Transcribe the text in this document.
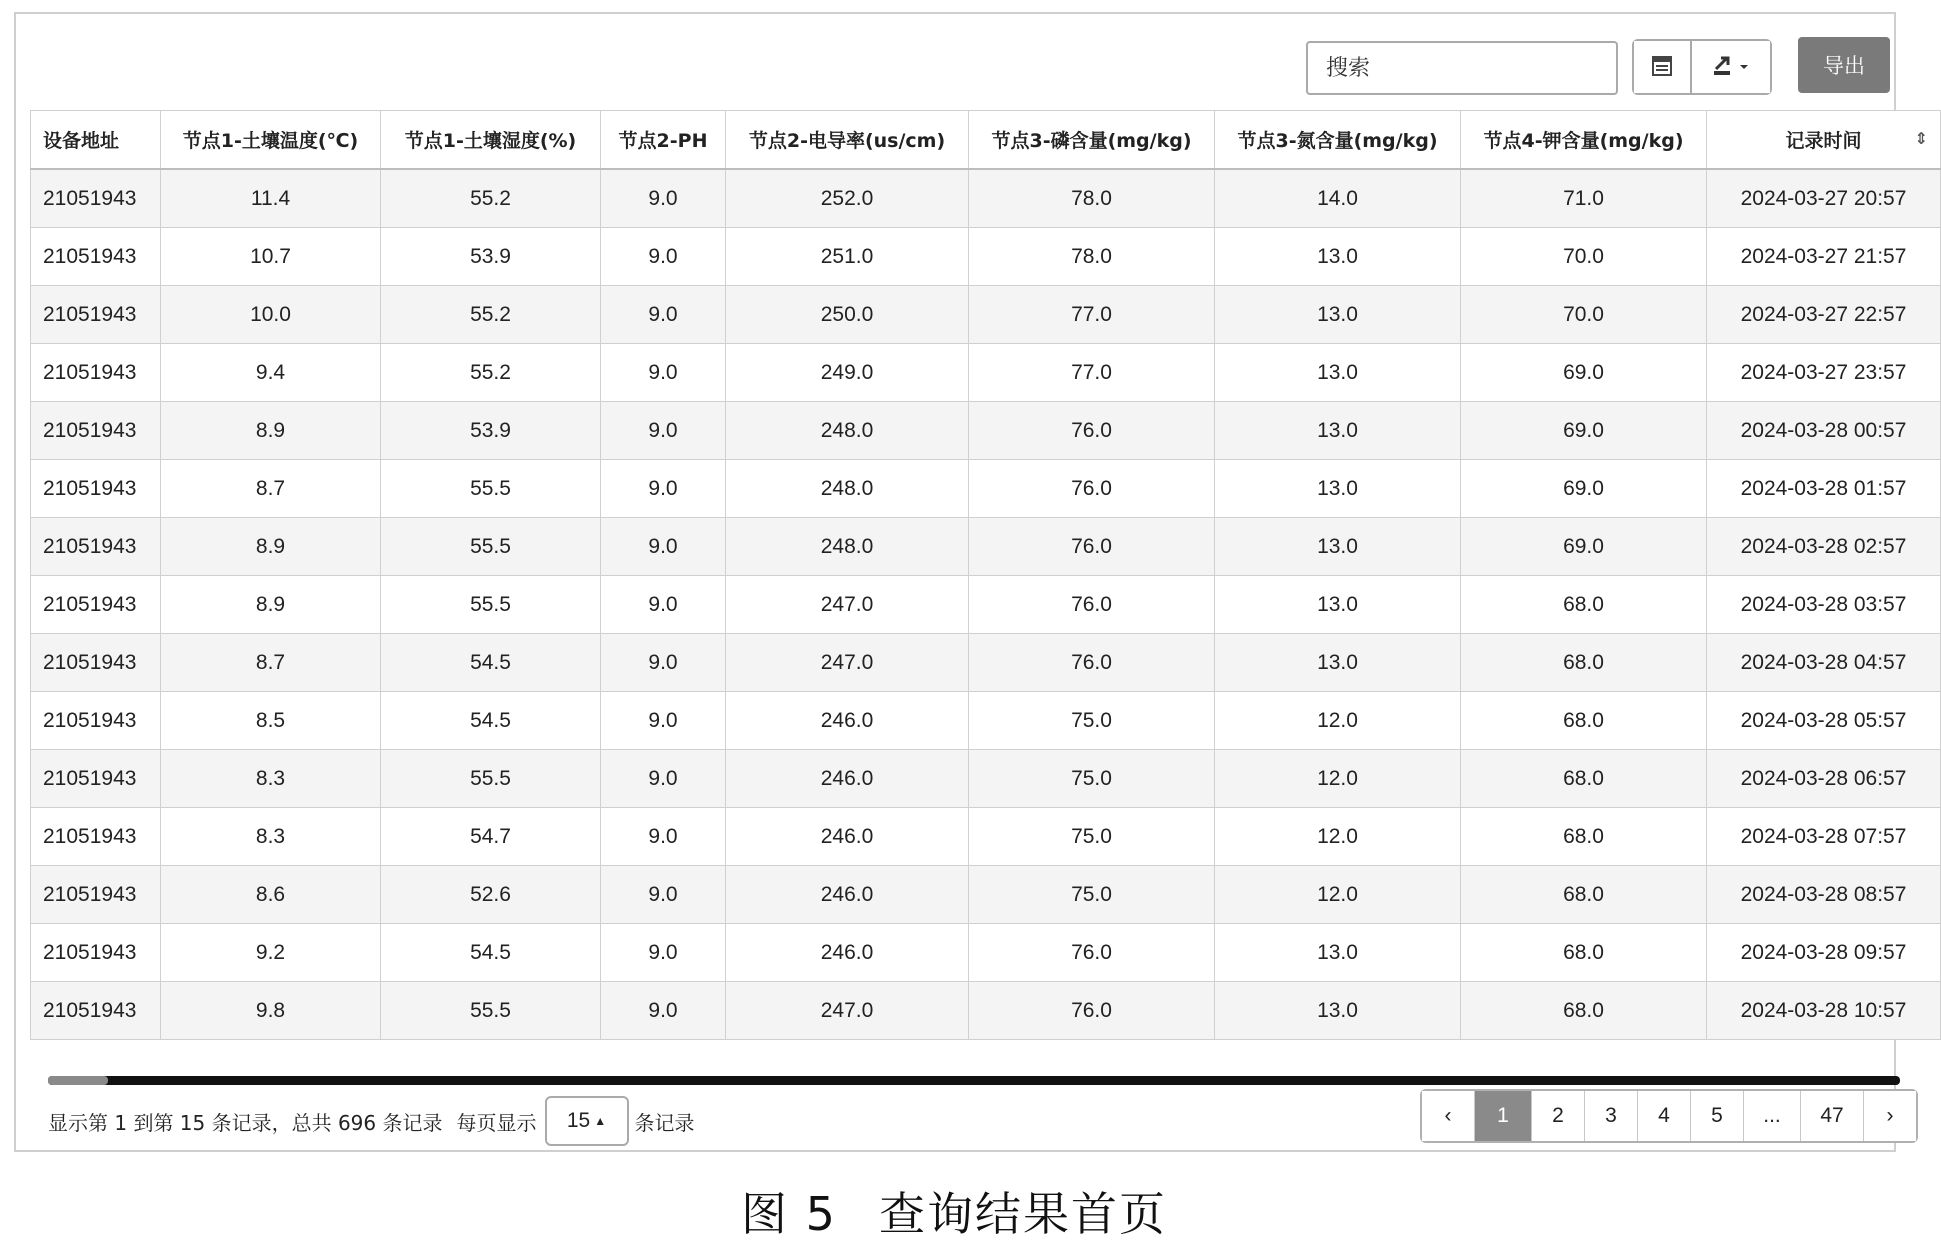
搜索
导出
设备地址	节点1-土壤温度(℃)	节点1-土壤湿度(%)	节点2-PH	节点2-电导率(us/cm)	节点3-磷含量(mg/kg)	节点3-氮含量(mg/kg)	节点4-钾含量(mg/kg)	记录时间 ⇕

21051943	11.4	55.2	9.0	252.0	78.0	14.0	71.0	2024-03-27 20:57
21051943	10.7	53.9	9.0	251.0	78.0	13.0	70.0	2024-03-27 21:57
21051943	10.0	55.2	9.0	250.0	77.0	13.0	70.0	2024-03-27 22:57
21051943	9.4	55.2	9.0	249.0	77.0	13.0	69.0	2024-03-27 23:57
21051943	8.9	53.9	9.0	248.0	76.0	13.0	69.0	2024-03-28 00:57
21051943	8.7	55.5	9.0	248.0	76.0	13.0	69.0	2024-03-28 01:57
21051943	8.9	55.5	9.0	248.0	76.0	13.0	69.0	2024-03-28 02:57
21051943	8.9	55.5	9.0	247.0	76.0	13.0	68.0	2024-03-28 03:57
21051943	8.7	54.5	9.0	247.0	76.0	13.0	68.0	2024-03-28 04:57
21051943	8.5	54.5	9.0	246.0	75.0	12.0	68.0	2024-03-28 05:57
21051943	8.3	55.5	9.0	246.0	75.0	12.0	68.0	2024-03-28 06:57
21051943	8.3	54.7	9.0	246.0	75.0	12.0	68.0	2024-03-28 07:57
21051943	8.6	52.6	9.0	246.0	75.0	12.0	68.0	2024-03-28 08:57
21051943	9.2	54.5	9.0	246.0	76.0	13.0	68.0	2024-03-28 09:57
21051943	9.8	55.5	9.0	247.0	76.0	13.0	68.0	2024-03-28 10:57
显示第 1 到第 15 条记录，总共 696 条记录 每页显示 15 ▲ 条记录	‹	1	2	3	4	5	...	47	›
图 5 查询结果首页
